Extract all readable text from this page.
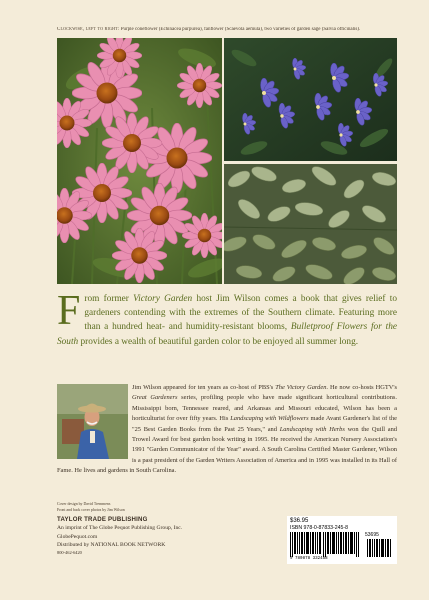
Clockwise, left to right: Purple coneflower (Echinacea purpurea), fanflower (Scaevola aemula), two varieties of garden sage (Salvia officinalis).
From former Victory Garden host Jim Wilson comes a book that gives relief to gardeners contending with the extremes of the Southern climate. Featuring more than a hundred heat- and humidity-resistant blooms, Bulletproof Flowers for the South provides a wealth of beautiful garden color to be enjoyed all summer long.
Jim Wilson appeared for ten years as co-host of PBS's The Victory Garden. He now co-hosts HGTV's Great Gardeners series, profiling people who have made significant horticultural contributions. Mississippi born, Tennessee reared, and Arkansas and Missouri educated, Wilson has been a horticulturist for over fifty years. His Landscaping with Wildflowers made Avant Gardener's list of the "25 Best Garden Books from the Past 25 Years," and Landscaping with Herbs won the Quill and Trowel Award for best garden book writing in 1995. He received the American Nursery Association's 1991 "Garden Communicator of the Year" award. A South Carolina Certified Master Gardener, Wilson is a past president of the Garden Writers Association of America and in 1995 was installed in its Hall of Fame. He lives and gardens in South Carolina.
Cover design by David Tremmens
Front and back cover photos by Jim Wilson
TAYLOR TRADE PUBLISHING
An imprint of The Globe Pequot Publishing Group, Inc.
GlobePequot.com
Distributed by NATIONAL BOOK NETWORK
800-462-6420
$36.95
ISBN 978-0-87833-245-8
53695
9 780878 332458
